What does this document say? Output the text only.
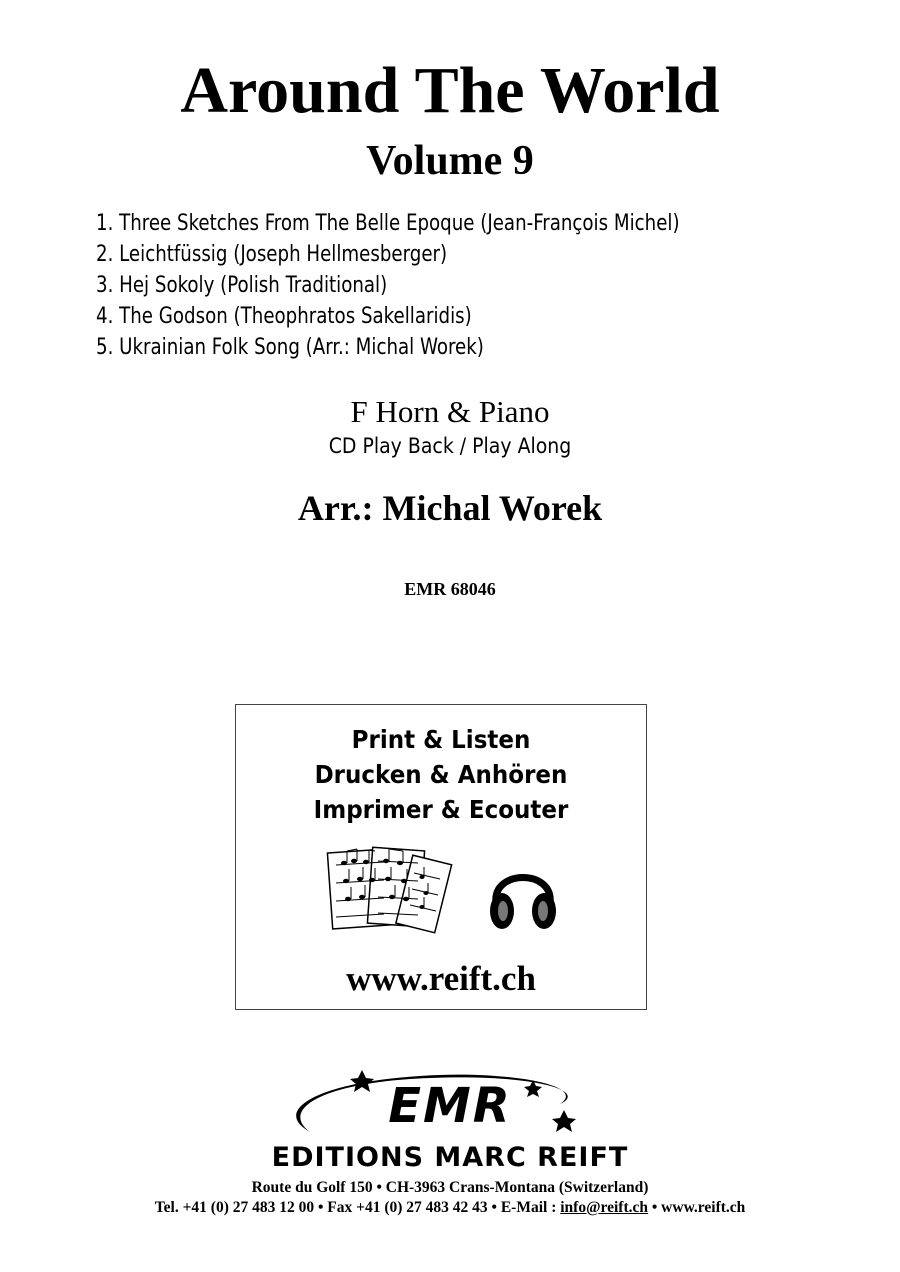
Around The World
Volume 9
1. Three Sketches From The Belle Epoque (Jean-François Michel)
2. Leichtfüssig (Joseph Hellmesberger)
3. Hej Sokoly (Polish Traditional)
4. The Godson (Theophratos Sakellaridis)
5. Ukrainian Folk Song (Arr.: Michal Worek)
F Horn & Piano
CD Play Back / Play Along
Arr.: Michal Worek
EMR 68046
Print & Listen
Drucken & Anhören
Imprimer & Ecouter
www.reift.ch
EMR
EDITIONS MARC REIFT
Route du Golf 150 • CH-3963 Crans-Montana (Switzerland)
Tel. +41 (0) 27 483 12 00 • Fax +41 (0) 27 483 42 43 • E-Mail : info@reift.ch • www.reift.ch
